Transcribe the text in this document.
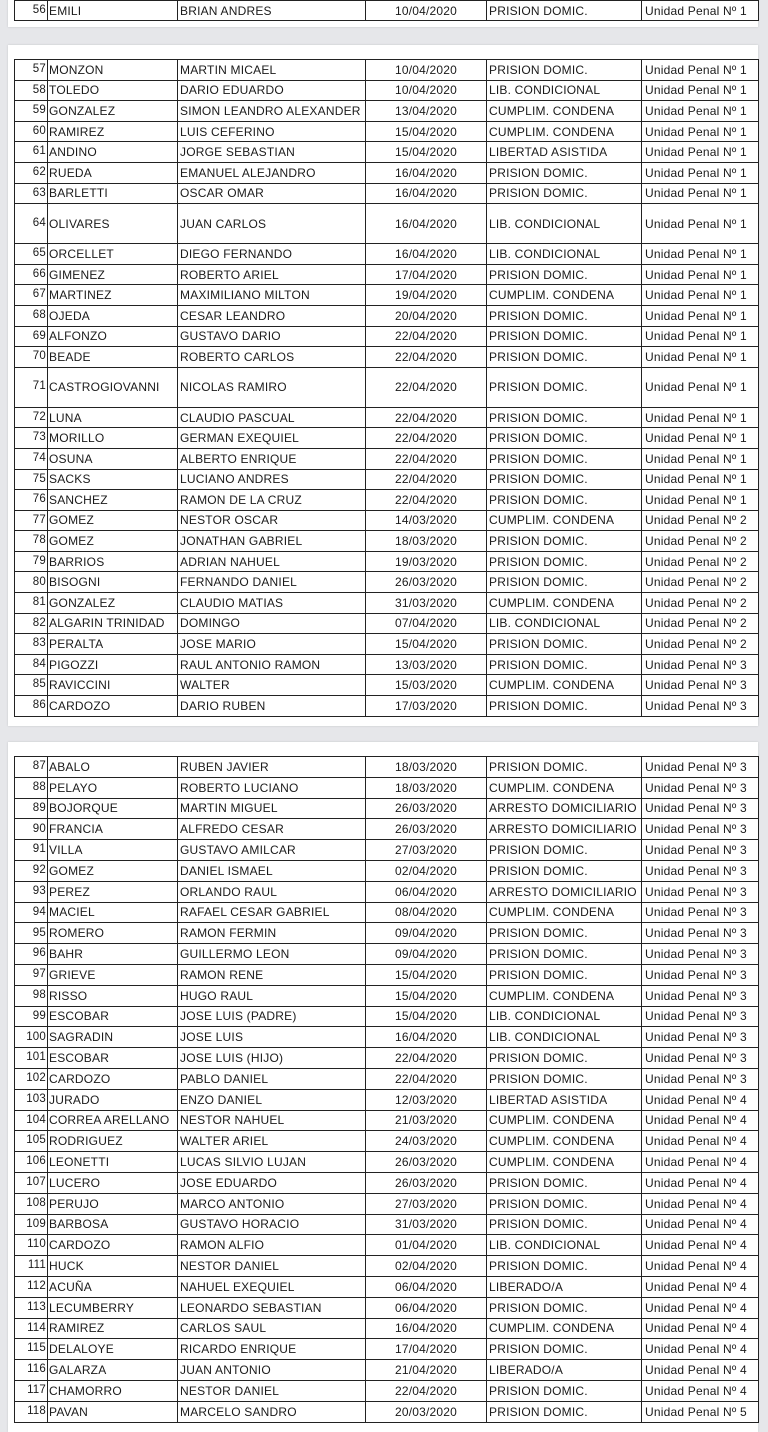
56	EMILI	BRIAN ANDRES	10/04/2020	PRISION DOMIC.	Unidad Penal Nº 1
57	MONZON	MARTIN MICAEL	10/04/2020	PRISION DOMIC.	Unidad Penal Nº 1
58	TOLEDO	DARIO EDUARDO	10/04/2020	LIB. CONDICIONAL	Unidad Penal Nº 1
59	GONZALEZ	SIMON LEANDRO ALEXANDER	13/04/2020	CUMPLIM. CONDENA	Unidad Penal Nº 1
60	RAMIREZ	LUIS CEFERINO	15/04/2020	CUMPLIM. CONDENA	Unidad Penal Nº 1
61	ANDINO	JORGE SEBASTIAN	15/04/2020	LIBERTAD ASISTIDA	Unidad Penal Nº 1
62	RUEDA	EMANUEL ALEJANDRO	16/04/2020	PRISION DOMIC.	Unidad Penal Nº 1
63	BARLETTI	OSCAR OMAR	16/04/2020	PRISION DOMIC.	Unidad Penal Nº 1
64	OLIVARES	JUAN CARLOS	16/04/2020	LIB. CONDICIONAL	Unidad Penal Nº 1
65	ORCELLET	DIEGO FERNANDO	16/04/2020	LIB. CONDICIONAL	Unidad Penal Nº 1
66	GIMENEZ	ROBERTO ARIEL	17/04/2020	PRISION DOMIC.	Unidad Penal Nº 1
67	MARTINEZ	MAXIMILIANO MILTON	19/04/2020	CUMPLIM. CONDENA	Unidad Penal Nº 1
68	OJEDA	CESAR LEANDRO	20/04/2020	PRISION DOMIC.	Unidad Penal Nº 1
69	ALFONZO	GUSTAVO DARIO	22/04/2020	PRISION DOMIC.	Unidad Penal Nº 1
70	BEADE	ROBERTO CARLOS	22/04/2020	PRISION DOMIC.	Unidad Penal Nº 1
71	CASTROGIOVANNI	NICOLAS RAMIRO	22/04/2020	PRISION DOMIC.	Unidad Penal Nº 1
72	LUNA	CLAUDIO PASCUAL	22/04/2020	PRISION DOMIC.	Unidad Penal Nº 1
73	MORILLO	GERMAN EXEQUIEL	22/04/2020	PRISION DOMIC.	Unidad Penal Nº 1
74	OSUNA	ALBERTO ENRIQUE	22/04/2020	PRISION DOMIC.	Unidad Penal Nº 1
75	SACKS	LUCIANO ANDRES	22/04/2020	PRISION DOMIC.	Unidad Penal Nº 1
76	SANCHEZ	RAMON DE LA CRUZ	22/04/2020	PRISION DOMIC.	Unidad Penal Nº 1
77	GOMEZ	NESTOR OSCAR	14/03/2020	CUMPLIM. CONDENA	Unidad Penal Nº 2
78	GOMEZ	JONATHAN GABRIEL	18/03/2020	PRISION DOMIC.	Unidad Penal Nº 2
79	BARRIOS	ADRIAN NAHUEL	19/03/2020	PRISION DOMIC.	Unidad Penal Nº 2
80	BISOGNI	FERNANDO DANIEL	26/03/2020	PRISION DOMIC.	Unidad Penal Nº 2
81	GONZALEZ	CLAUDIO MATIAS	31/03/2020	CUMPLIM. CONDENA	Unidad Penal Nº 2
82	ALGARIN TRINIDAD	DOMINGO	07/04/2020	LIB. CONDICIONAL	Unidad Penal Nº 2
83	PERALTA	JOSE MARIO	15/04/2020	PRISION DOMIC.	Unidad Penal Nº 2
84	PIGOZZI	RAUL ANTONIO RAMON	13/03/2020	PRISION DOMIC.	Unidad Penal Nº 3
85	RAVICCINI	WALTER	15/03/2020	CUMPLIM. CONDENA	Unidad Penal Nº 3
86	CARDOZO	DARIO RUBEN	17/03/2020	PRISION DOMIC.	Unidad Penal Nº 3
87	ABALO	RUBEN JAVIER	18/03/2020	PRISION DOMIC.	Unidad Penal Nº 3
88	PELAYO	ROBERTO LUCIANO	18/03/2020	CUMPLIM. CONDENA	Unidad Penal Nº 3
89	BOJORQUE	MARTIN MIGUEL	26/03/2020	ARRESTO DOMICILIARIO	Unidad Penal Nº 3
90	FRANCIA	ALFREDO CESAR	26/03/2020	ARRESTO DOMICILIARIO	Unidad Penal Nº 3
91	VILLA	GUSTAVO AMILCAR	27/03/2020	PRISION DOMIC.	Unidad Penal Nº 3
92	GOMEZ	DANIEL ISMAEL	02/04/2020	PRISION DOMIC.	Unidad Penal Nº 3
93	PEREZ	ORLANDO RAUL	06/04/2020	ARRESTO DOMICILIARIO	Unidad Penal Nº 3
94	MACIEL	RAFAEL CESAR GABRIEL	08/04/2020	CUMPLIM. CONDENA	Unidad Penal Nº 3
95	ROMERO	RAMON FERMIN	09/04/2020	PRISION DOMIC.	Unidad Penal Nº 3
96	BAHR	GUILLERMO LEON	09/04/2020	PRISION DOMIC.	Unidad Penal Nº 3
97	GRIEVE	RAMON RENE	15/04/2020	PRISION DOMIC.	Unidad Penal Nº 3
98	RISSO	HUGO RAUL	15/04/2020	CUMPLIM. CONDENA	Unidad Penal Nº 3
99	ESCOBAR	JOSE LUIS (PADRE)	15/04/2020	LIB. CONDICIONAL	Unidad Penal Nº 3
100	SAGRADIN	JOSE LUIS	16/04/2020	LIB. CONDICIONAL	Unidad Penal Nº 3
101	ESCOBAR	JOSE LUIS (HIJO)	22/04/2020	PRISION DOMIC.	Unidad Penal Nº 3
102	CARDOZO	PABLO DANIEL	22/04/2020	PRISION DOMIC.	Unidad Penal Nº 3
103	JURADO	ENZO DANIEL	12/03/2020	LIBERTAD ASISTIDA	Unidad Penal Nº 4
104	CORREA ARELLANO	NESTOR NAHUEL	21/03/2020	CUMPLIM. CONDENA	Unidad Penal Nº 4
105	RODRIGUEZ	WALTER ARIEL	24/03/2020	CUMPLIM. CONDENA	Unidad Penal Nº 4
106	LEONETTI	LUCAS SILVIO LUJAN	26/03/2020	CUMPLIM. CONDENA	Unidad Penal Nº 4
107	LUCERO	JOSE EDUARDO	26/03/2020	PRISION DOMIC.	Unidad Penal Nº 4
108	PERUJO	MARCO ANTONIO	27/03/2020	PRISION DOMIC.	Unidad Penal Nº 4
109	BARBOSA	GUSTAVO HORACIO	31/03/2020	PRISION DOMIC.	Unidad Penal Nº 4
110	CARDOZO	RAMON ALFIO	01/04/2020	LIB. CONDICIONAL	Unidad Penal Nº 4
111	HUCK	NESTOR DANIEL	02/04/2020	PRISION DOMIC.	Unidad Penal Nº 4
112	ACUÑA	NAHUEL EXEQUIEL	06/04/2020	LIBERADO/A	Unidad Penal Nº 4
113	LECUMBERRY	LEONARDO SEBASTIAN	06/04/2020	PRISION DOMIC.	Unidad Penal Nº 4
114	RAMIREZ	CARLOS SAUL	16/04/2020	CUMPLIM. CONDENA	Unidad Penal Nº 4
115	DELALOYE	RICARDO ENRIQUE	17/04/2020	PRISION DOMIC.	Unidad Penal Nº 4
116	GALARZA	JUAN ANTONIO	21/04/2020	LIBERADO/A	Unidad Penal Nº 4
117	CHAMORRO	NESTOR DANIEL	22/04/2020	PRISION DOMIC.	Unidad Penal Nº 4
118	PAVAN	MARCELO SANDRO	20/03/2020	PRISION DOMIC.	Unidad Penal Nº 5
